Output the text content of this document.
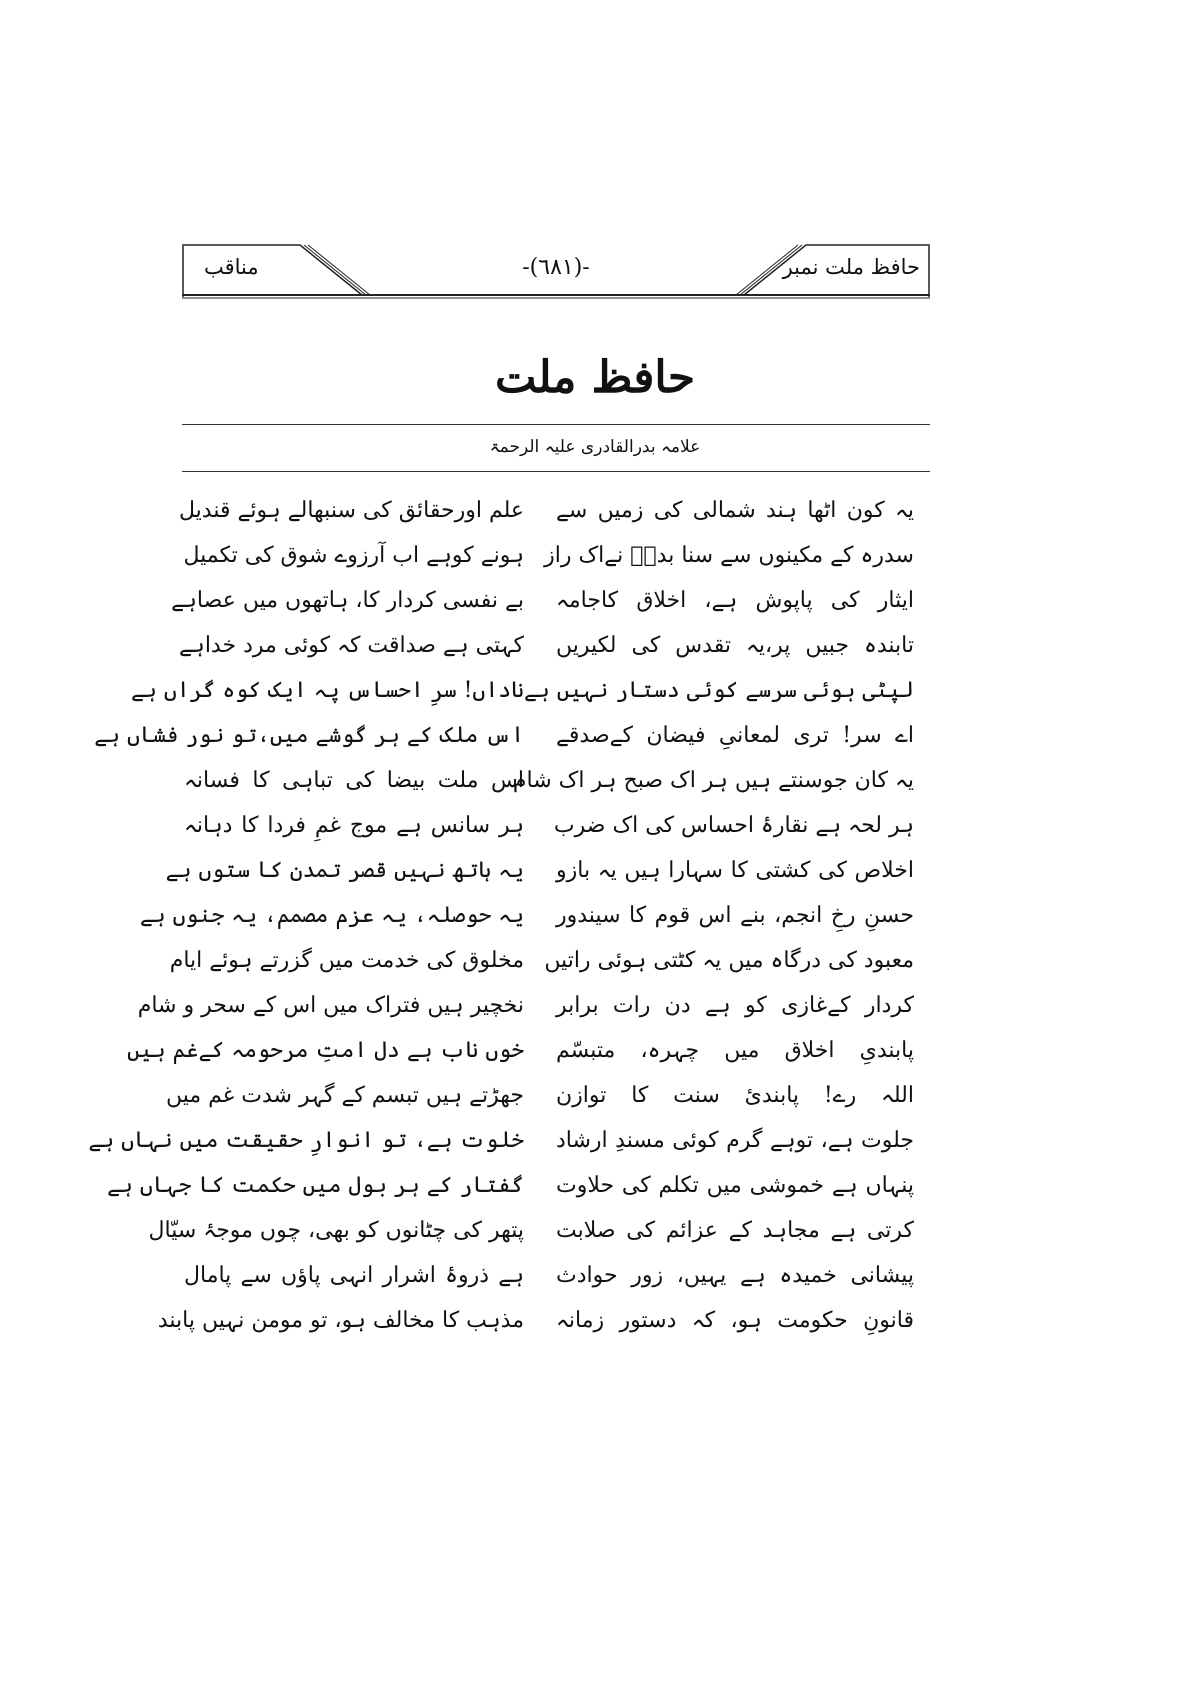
مناقب	-(٦٨١)-	حافظ ملت نمبر
حافظ ملت
علامہ بدرالقادری علیہ الرحمۃ
یہ کون اٹھا ہند شمالی کی زمیں سے
سدرہ کے مکینوں سے سنا بدرؔ نےاک راز
ایثار کی پاپوش ہے، اخلاق کاجامہ
تابندہ جبیں پر،یہ تقدس کی لکیریں
لپٹی ہوئی سرسے کوئی دستار نہیں ہے
اے سر! تری لمعانیِ فیضان کےصدقے
یہ کان جوسنتے ہیں ہر اک صبح ہر اک شام
ہر لحہ ہے نقارۂ احساس کی اک ضرب
اخلاص کی کشتی کا سہارا ہیں یہ بازو
حسنِ رخِ انجم، بنے اس قوم کا سیندور
معبود کی درگاہ میں یہ کٹتی ہوئی راتیں
کردار کےغازی کو ہے دن رات برابر
پابندیِ اخلاق میں چہرہ، متبسّم
اللہ رے! پابندیٔ سنت کا توازن
جلوت ہے، توہے گرم کوئی مسندِ ارشاد
پنہاں ہے خموشی میں تکلم کی حلاوت
کرتی ہے مجاہد کے عزائم کی صلابت
پیشانی خمیدہ ہے یہیں، زور حوادث
قانونِ حکومت ہو، کہ دستور زمانہ
علم اورحقائق کی سنبھالے ہوئے قندیل
ہونے کوہے اب آرزوے شوق کی تکمیل
بے نفسی کردار کا، ہاتھوں میں عصاہے
کہتی ہے صداقت کہ کوئی مرد خداہے
ناداں! سرِ احساس پہ ایک کوہ گراں ہے
اس ملک کے ہر گوشے میں،تو نور فشاں ہے
اس ملت بیضا کی تباہی کا فسانہ
ہر سانس ہے موج غمِ فردا کا دہانہ
یہ ہاتھ نہیں قصر تمدن کا ستوں ہے
یہ حوصلہ، یہ عزم مصمم، یہ جنوں ہے
مخلوق کی خدمت میں گزرتے ہوئے ایام
نخچیر ہیں فتراک میں اس کے سحر و شام
خوں ناب ہے دل امتِ مرحومہ کےغم ہیں
جھڑتے ہیں تبسم کے گہر شدت غم میں
خلوت ہے، تو انوارِ حقیقت میں نہاں ہے
گفتار کے ہر بول میں حکمت کا جہاں ہے
پتھر کی چٹانوں کو بھی، چوں موجۂ سیّال
ہے ذروۂ اشرار انہی پاؤں سے پامال
مذہب کا مخالف ہو، تو مومن نہیں پابند
